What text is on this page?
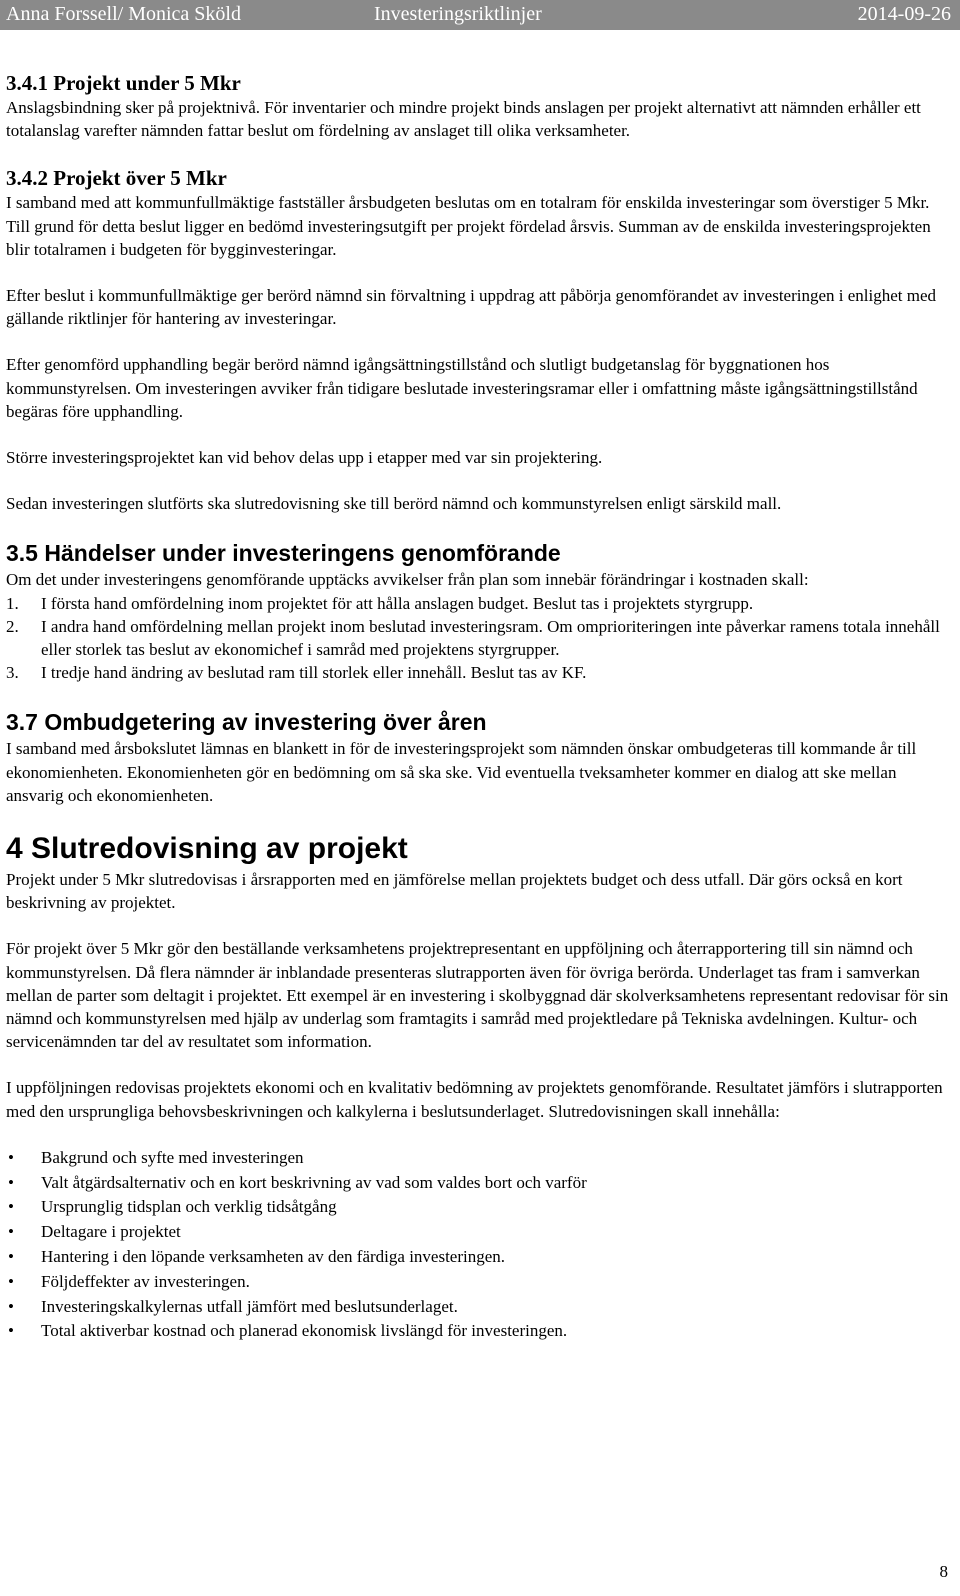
Anna Forssell/ Monica Sköld	Investeringsriktlinjer	2014-09-26
3.4.1 Projekt under 5 Mkr

Anslagsbindning sker på projektnivå. För inventarier och mindre projekt binds anslagen per projekt alternativt att nämnden erhåller ett totalanslag varefter nämnden fattar beslut om fördelning av anslaget till olika verksamheter.

3.4.2 Projekt över 5 Mkr

I samband med att kommunfullmäktige fastställer årsbudgeten beslutas om en totalram för enskilda investeringar som överstiger 5 Mkr. Till grund för detta beslut ligger en bedömd investeringsutgift per projekt fördelad årsvis. Summan av de enskilda investeringsprojekten blir totalramen i budgeten för bygginvesteringar.

Efter beslut i kommunfullmäktige ger berörd nämnd sin förvaltning i uppdrag att påbörja genomförandet av investeringen i enlighet med gällande riktlinjer för hantering av investeringar.

Efter genomförd upphandling begär berörd nämnd igångsättningstillstånd och slutligt budgetanslag för byggnationen hos kommunstyrelsen. Om investeringen avviker från tidigare beslutade investeringsramar eller i omfattning måste igångsättningstillstånd begäras före upphandling.

Större investeringsprojektet kan vid behov delas upp i etapper med var sin projektering.

Sedan investeringen slutförts ska slutredovisning ske till berörd nämnd och kommunstyrelsen enligt särskild mall.

3.5 Händelser under investeringens genomförande

Om det under investeringens genomförande upptäcks avvikelser från plan som innebär förändringar i kostnaden skall:

1. I första hand omfördelning inom projektet för att hålla anslagen budget. Beslut tas i projektets styrgrupp.
2. I andra hand omfördelning mellan projekt inom beslutad investeringsram. Om omprioriteringen inte påverkar ramens totala innehåll eller storlek tas beslut av ekonomichef i samråd med projektens styrgrupper.
3. I tredje hand ändring av beslutad ram till storlek eller innehåll. Beslut tas av KF.
3.7 Ombudgetering av investering över åren

I samband med årsbokslutet lämnas en blankett in för de investeringsprojekt som nämnden önskar ombudgeteras till kommande år till ekonomienheten. Ekonomienheten gör en bedömning om så ska ske. Vid eventuella tveksamheter kommer en dialog att ske mellan ansvarig och ekonomienheten.

4 Slutredovisning av projekt

Projekt under 5 Mkr slutredovisas i årsrapporten med en jämförelse mellan projektets budget och dess utfall. Där görs också en kort beskrivning av projektet.

För projekt över 5 Mkr gör den beställande verksamhetens projektrepresentant en uppföljning och återrapportering till sin nämnd och kommunstyrelsen. Då flera nämnder är inblandade presenteras slutrapporten även för övriga berörda. Underlaget tas fram i samverkan mellan de parter som deltagit i projektet. Ett exempel är en investering i skolbyggnad där skolverksamhetens representant redovisar för sin nämnd och kommunstyrelsen med hjälp av underlag som framtagits i samråd med projektledare på Tekniska avdelningen. Kultur- och servicenämnden tar del av resultatet som information.

I uppföljningen redovisas projektets ekonomi och en kvalitativ bedömning av projektets genomförande. Resultatet jämförs i slutrapporten med den ursprungliga behovsbeskrivningen och kalkylerna i beslutsunderlaget. Slutredovisningen skall innehålla:

• Bakgrund och syfte med investeringen
• Valt åtgärdsalternativ och en kort beskrivning av vad som valdes bort och varför
• Ursprunglig tidsplan och verklig tidsåtgång
• Deltagare i projektet
• Hantering i den löpande verksamheten av den färdiga investeringen.
• Följdeffekter av investeringen.
• Investeringskalkylernas utfall jämfört med beslutsunderlaget.
• Total aktiverbar kostnad och planerad ekonomisk livslängd för investeringen.
8
